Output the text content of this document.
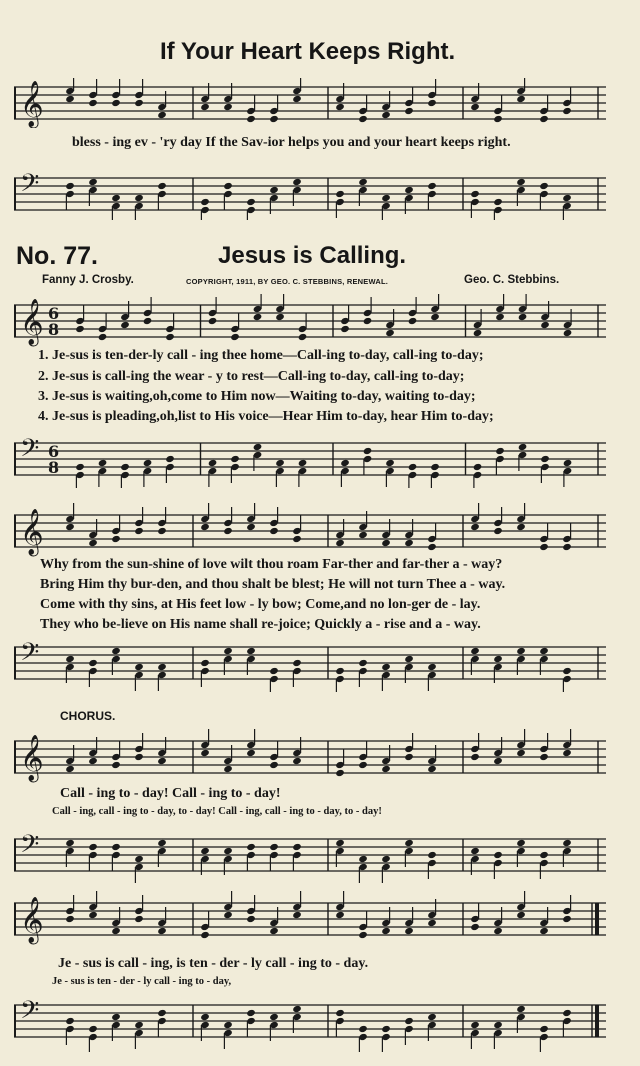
If Your Heart Keeps Right.
𝄞
bless - ing ev - 'ry day If the Sav-ior helps you and your heart keeps right.
𝄢
No. 77.	Jesus is Calling.
Fanny J. Crosby.	COPYRIGHT, 1911, BY GEO. C. STEBBINS, RENEWAL.	Geo. C. Stebbins.
𝄞 6
8
1. Je-sus is ten-der-ly call - ing thee home—Call-ing to-day, call-ing to-day;
2. Je-sus is call-ing the wear - y to rest—Call-ing to-day, call-ing to-day;
3. Je-sus is waiting,oh,come to Him now—Waiting to-day, waiting to-day;
4. Je-sus is pleading,oh,list to His voice—Hear Him to-day, hear Him to-day;
𝄢 6
8
𝄞
Why from the sun-shine of love wilt thou roam Far-ther and far-ther a - way?
Bring Him thy bur-den, and thou shalt be blest; He will not turn Thee a - way.
Come with thy sins, at His feet low - ly bow; Come,and no lon-ger de - lay.
They who be-lieve on His name shall re-joice; Quickly a - rise and a - way.
𝄢
CHORUS.
𝄞
Call - ing to - day! Call - ing to - day!
Call - ing, call - ing to - day, to - day! Call - ing, call - ing to - day, to - day!
𝄢
𝄞
Je - sus is call - ing, is ten - der - ly call - ing to - day.
Je - sus is ten - der - ly call - ing to - day,
𝄢
